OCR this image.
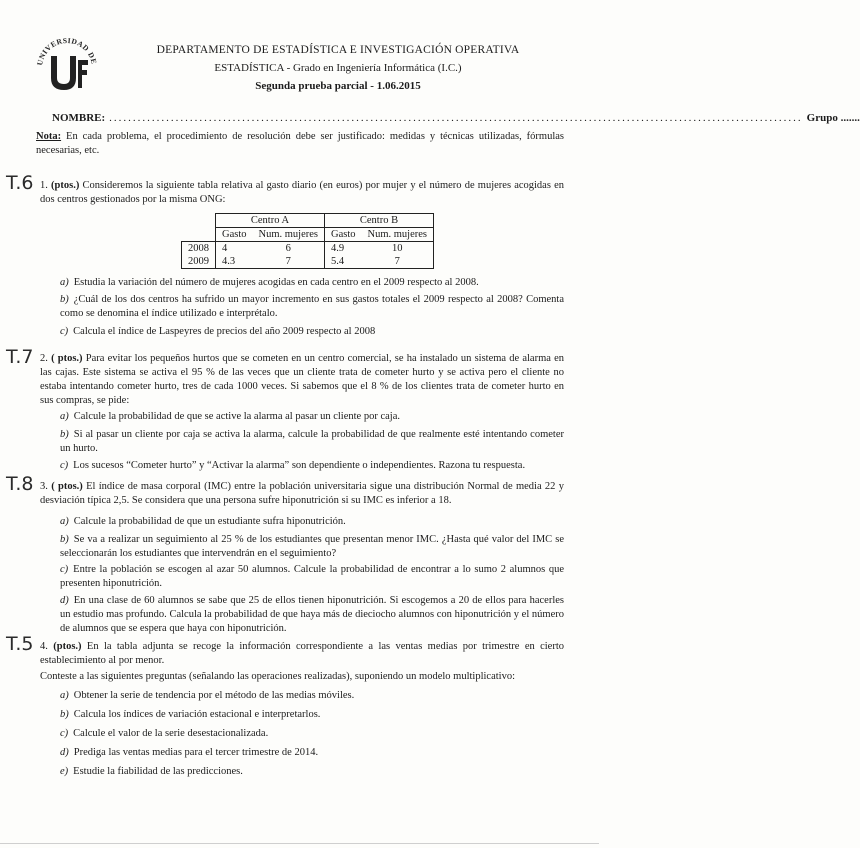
UNIVERSIDAD DE
DEPARTAMENTO DE ESTADÍSTICA E INVESTIGACIÓN OPERATIVA
ESTADÍSTICA - Grado en Ingeniería Informática (I.C.)
Segunda prueba parcial - 1.06.2015
NOMBRE: .................................................................................................................................................. Grupo .......
Nota: En cada problema, el procedimiento de resolución debe ser justificado: medidas y técnicas utilizadas, fórmulas necesarias, etc.
T.6
T.7
T.8
T.5
1. (ptos.) Consideremos la siguiente tabla relativa al gasto diario (en euros) por mujer y el número de mujeres acogidas en dos centros gestionados por la misma ONG:
	Centro A		Centro B	
	Gasto	Num. mujeres	Gasto	Num. mujeres
2008	4	6	4.9	10
2009	4.3	7	5.4	7
a) Estudia la variación del número de mujeres acogidas en cada centro en el 2009 respecto al 2008.
b) ¿Cuál de los dos centros ha sufrido un mayor incremento en sus gastos totales el 2009 respecto al 2008? Comenta como se denomina el índice utilizado e interprétalo.
c) Calcula el índice de Laspeyres de precios del año 2009 respecto al 2008
2. ( ptos.) Para evitar los pequeños hurtos que se cometen en un centro comercial, se ha instalado un sistema de alarma en las cajas. Este sistema se activa el 95 % de las veces que un cliente trata de cometer hurto y se activa pero el cliente no estaba intentando cometer hurto, tres de cada 1000 veces. Si sabemos que el 8 % de los clientes trata de cometer hurto en sus compras, se pide:
a) Calcule la probabilidad de que se active la alarma al pasar un cliente por caja.
b) Si al pasar un cliente por caja se activa la alarma, calcule la probabilidad de que realmente esté intentando cometer un hurto.
c) Los sucesos “Cometer hurto” y “Activar la alarma” son dependiente o independientes. Razona tu respuesta.
3. ( ptos.) El índice de masa corporal (IMC) entre la población universitaria sigue una distribución Normal de media 22 y desviación típica 2,5. Se considera que una persona sufre hiponutrición si su IMC es inferior a 18.
a) Calcule la probabilidad de que un estudiante sufra hiponutrición.
b) Se va a realizar un seguimiento al 25 % de los estudiantes que presentan menor IMC. ¿Hasta qué valor del IMC se seleccionarán los estudiantes que intervendrán en el seguimiento?
c) Entre la población se escogen al azar 50 alumnos. Calcule la probabilidad de encontrar a lo sumo 2 alumnos que presenten hiponutrición.
d) En una clase de 60 alumnos se sabe que 25 de ellos tienen hiponutrición. Si escogemos a 20 de ellos para hacerles un estudio mas profundo. Calcula la probabilidad de que haya más de dieciocho alumnos con hiponutrición y el número de alumnos que se espera que haya con hiponutrición.
4. (ptos.) En la tabla adjunta se recoge la información correspondiente a las ventas medias por trimestre en cierto establecimiento al por menor.
Conteste a las siguientes preguntas (señalando las operaciones realizadas), suponiendo un modelo multiplicativo:
a) Obtener la serie de tendencia por el método de las medias móviles.
b) Calcula los índices de variación estacional e interpretarlos.
c) Calcule el valor de la serie desestacionalizada.
d) Prediga las ventas medias para el tercer trimestre de 2014.
e) Estudie la fiabilidad de las predicciones.
